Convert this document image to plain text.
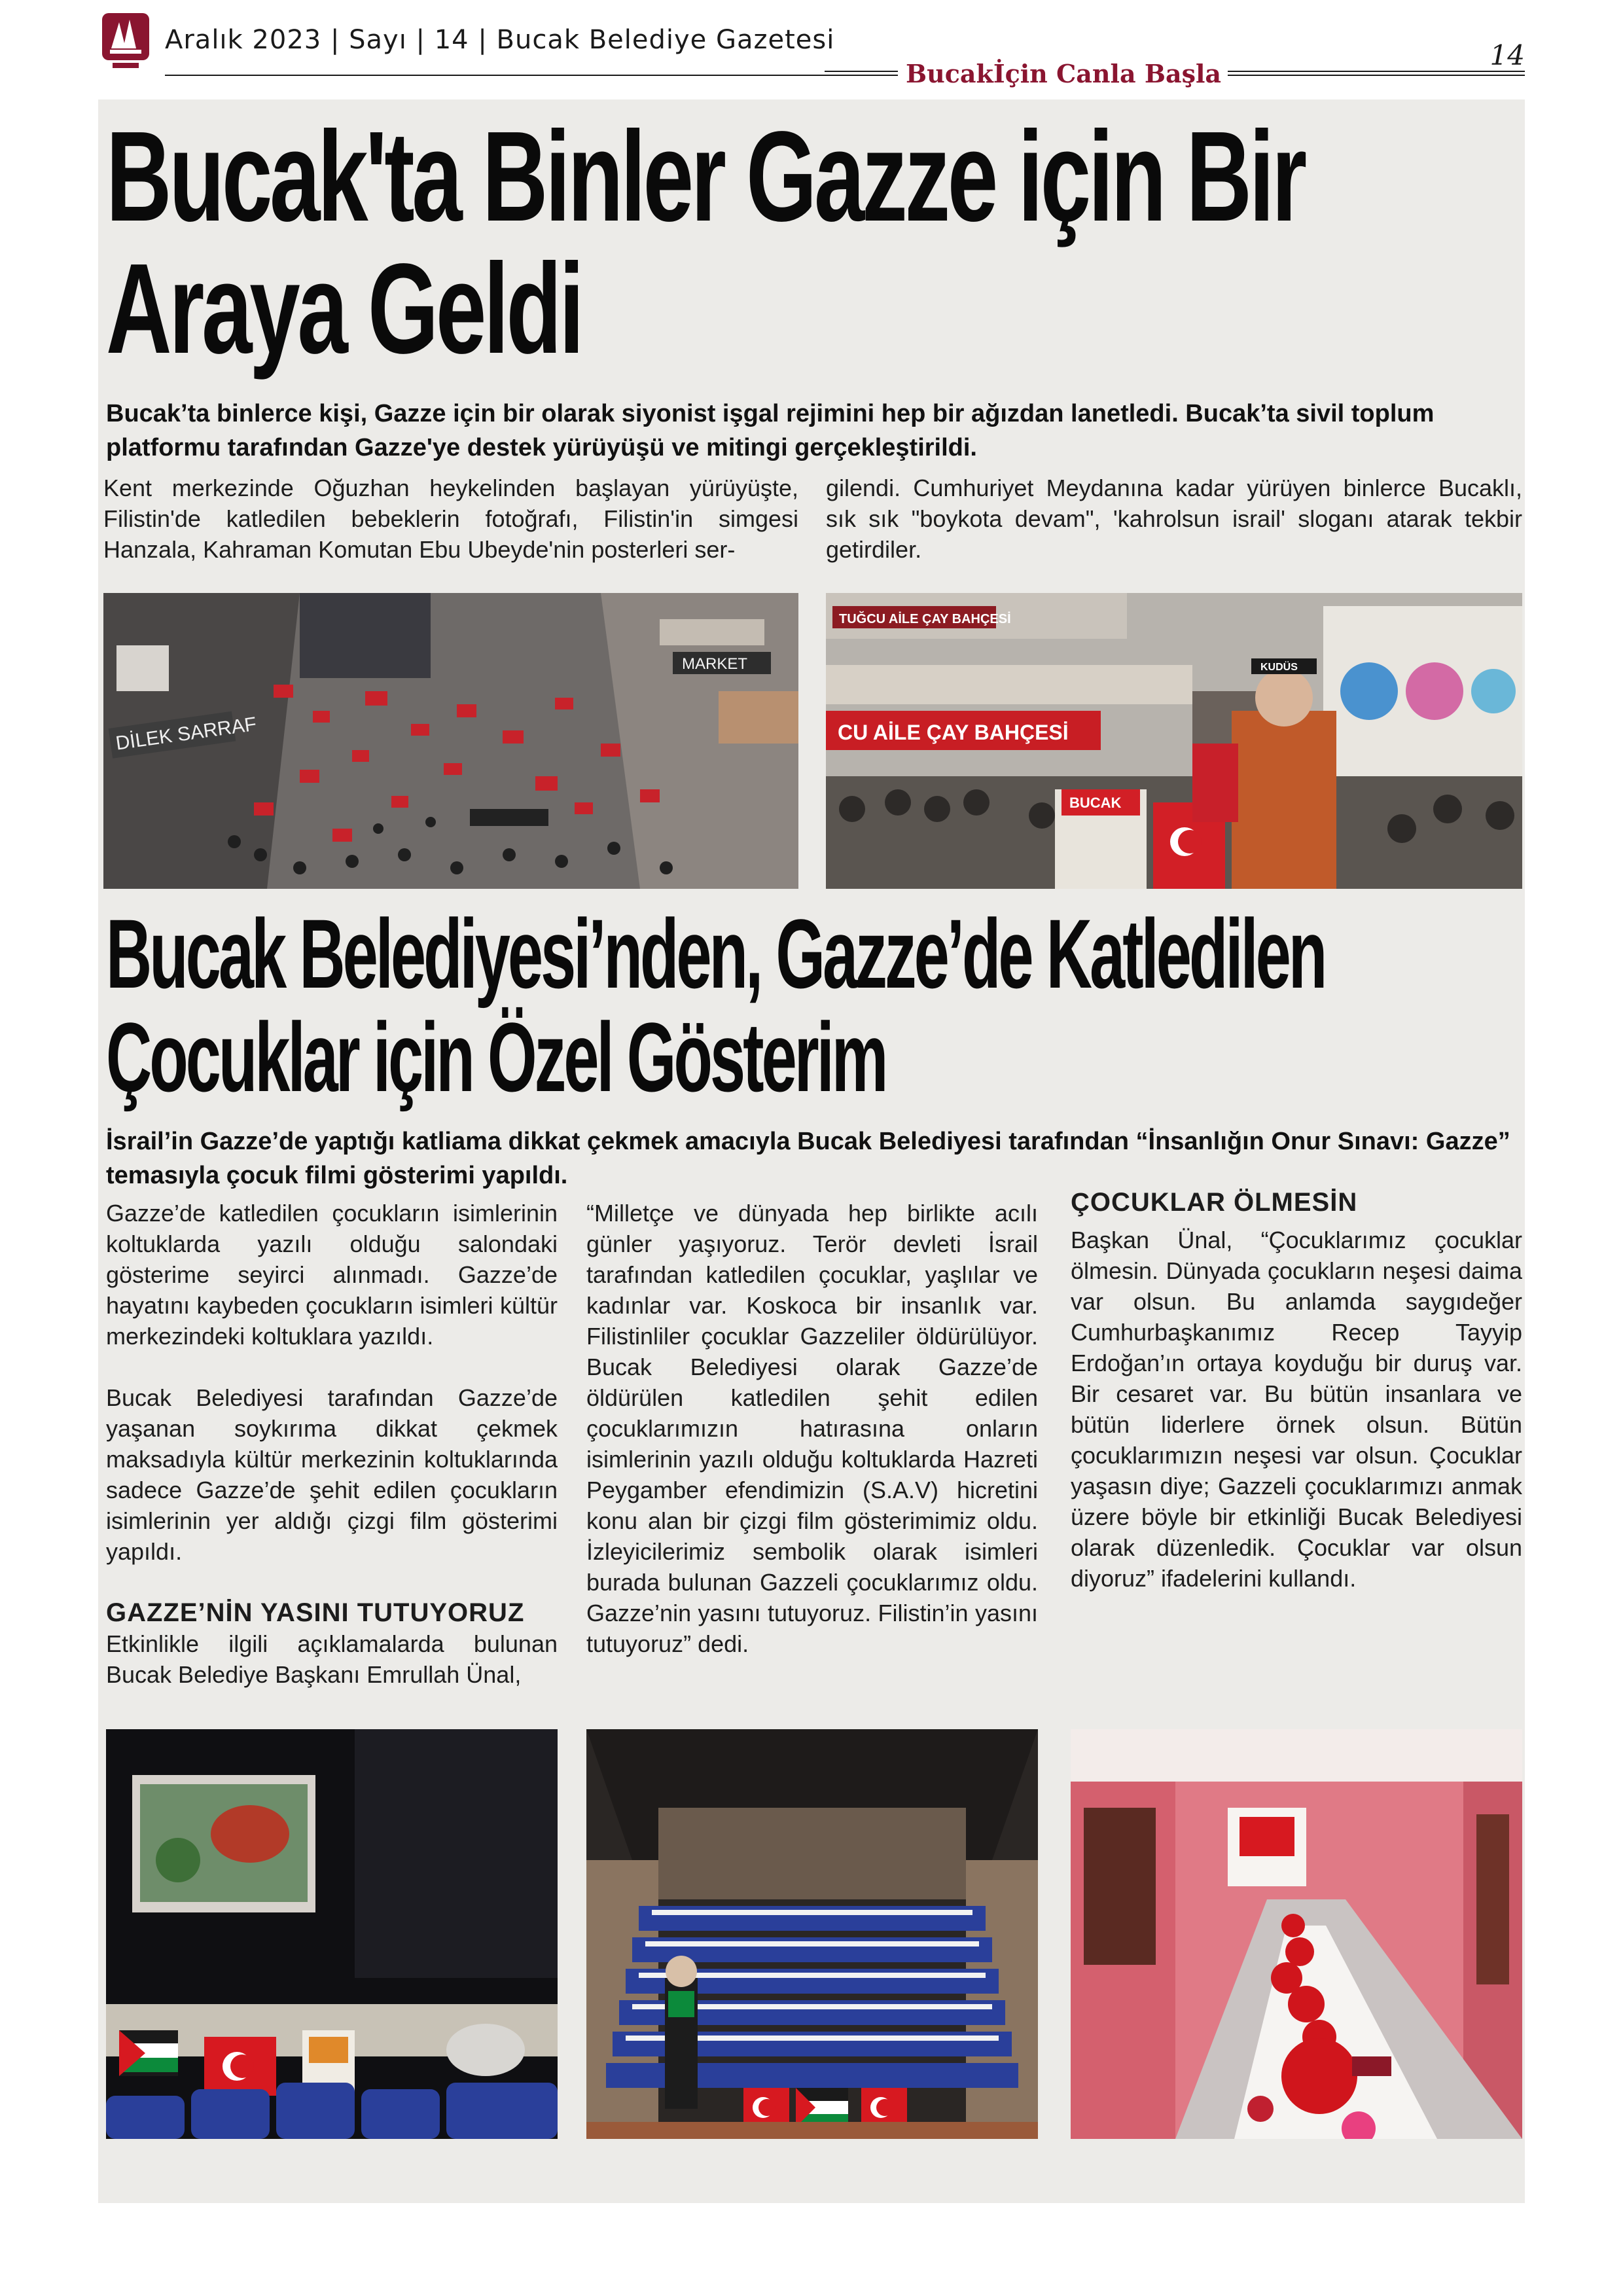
Aralık 2023 | Sayı | 14 | Bucak Belediye Gazetesi	14
Bucakİçin Canla Başla
Bucak'ta Binler Gazze için Bir
Araya Geldi
Bucak’ta binlerce kişi, Gazze için bir olarak siyonist işgal rejimini hep bir ağızdan lanetledi. Bucak’ta sivil toplum platformu tarafından Gazze'ye destek yürüyüşü ve mitingi gerçekleştirildi.
Kent merkezinde Oğuzhan heykelinden başlayan yürüyüşte, Filistin'de katledilen bebeklerin fotoğrafı, Filistin'in simgesi Hanzala, Kahraman Komutan Ebu Ubeyde'nin posterleri ser-
gilendi. Cumhuriyet Meydanına kadar yürüyen binlerce Bucaklı, sık sık "boykota devam", 'kahrolsun israil' sloganı atarak tekbir getirdiler.
DİLEK SARRAF
MARKET
TUĞCU AİLE ÇAY BAHÇESİ
CU AİLE ÇAY BAHÇESİ
BUCAK
KUDÜS
Bucak Belediyesi’nden, Gazze’de Katledilen
Çocuklar için Özel Gösterim
İsrail’in Gazze’de yaptığı katliama dikkat çekmek amacıyla Bucak Belediyesi tarafından “İnsanlığın Onur Sınavı: Gazze” temasıyla çocuk filmi gösterimi yapıldı.
Gazze’de katledilen çocukların isimlerinin koltuklarda yazılı olduğu salondaki gösterime seyirci alınmadı. Gazze’de hayatını kaybeden çocukların isimleri kültür merkezindeki koltuklara yazıldı.
Bucak Belediyesi tarafından Gazze’de yaşanan soykırıma dikkat çekmek maksadıyla kültür merkezinin koltuklarında sadece Gazze’de şehit edilen çocukların isimlerinin yer aldığı çizgi film gösterimi yapıldı.
GAZZE’NİN YASINI TUTUYORUZ
Etkinlikle ilgili açıklamalarda bulunan Bucak Belediye Başkanı Emrullah Ünal,
“Milletçe ve dünyada hep birlikte acılı günler yaşıyoruz. Terör devleti İsrail tarafından katledilen çocuklar, yaşlılar ve kadınlar var. Koskoca bir insanlık var. Filistinliler çocuklar Gazzeliler öldürülüyor. Bucak Belediyesi olarak Gazze’de öldürülen katledilen şehit edilen çocuklarımızın hatırasına onların isimlerinin yazılı olduğu koltuklarda Hazreti Peygamber efendimizin (S.A.V) hicretini konu alan bir çizgi film gösterimimiz oldu. İzleyicilerimiz sembolik olarak isimleri burada bulunan Gazzeli çocuklarımız oldu. Gazze’nin yasını tutuyoruz. Filistin’in yasını tutuyoruz” dedi.
ÇOCUKLAR ÖLMESİN
Başkan Ünal, “Çocuklarımız çocuklar ölmesin. Dünyada çocukların neşesi daima var olsun. Bu anlamda saygıdeğer Cumhurbaşkanımız Recep Tayyip Erdoğan’ın ortaya koyduğu bir duruş var. Bir cesaret var. Bu bütün insanlara ve bütün liderlere örnek olsun. Bütün çocuklarımızın neşesi var olsun. Çocuklar yaşasın diye; Gazzeli çocuklarımızı anmak üzere böyle bir etkinliği Bucak Belediyesi olarak düzenledik. Çocuklar var olsun diyoruz” ifadelerini kullandı.
